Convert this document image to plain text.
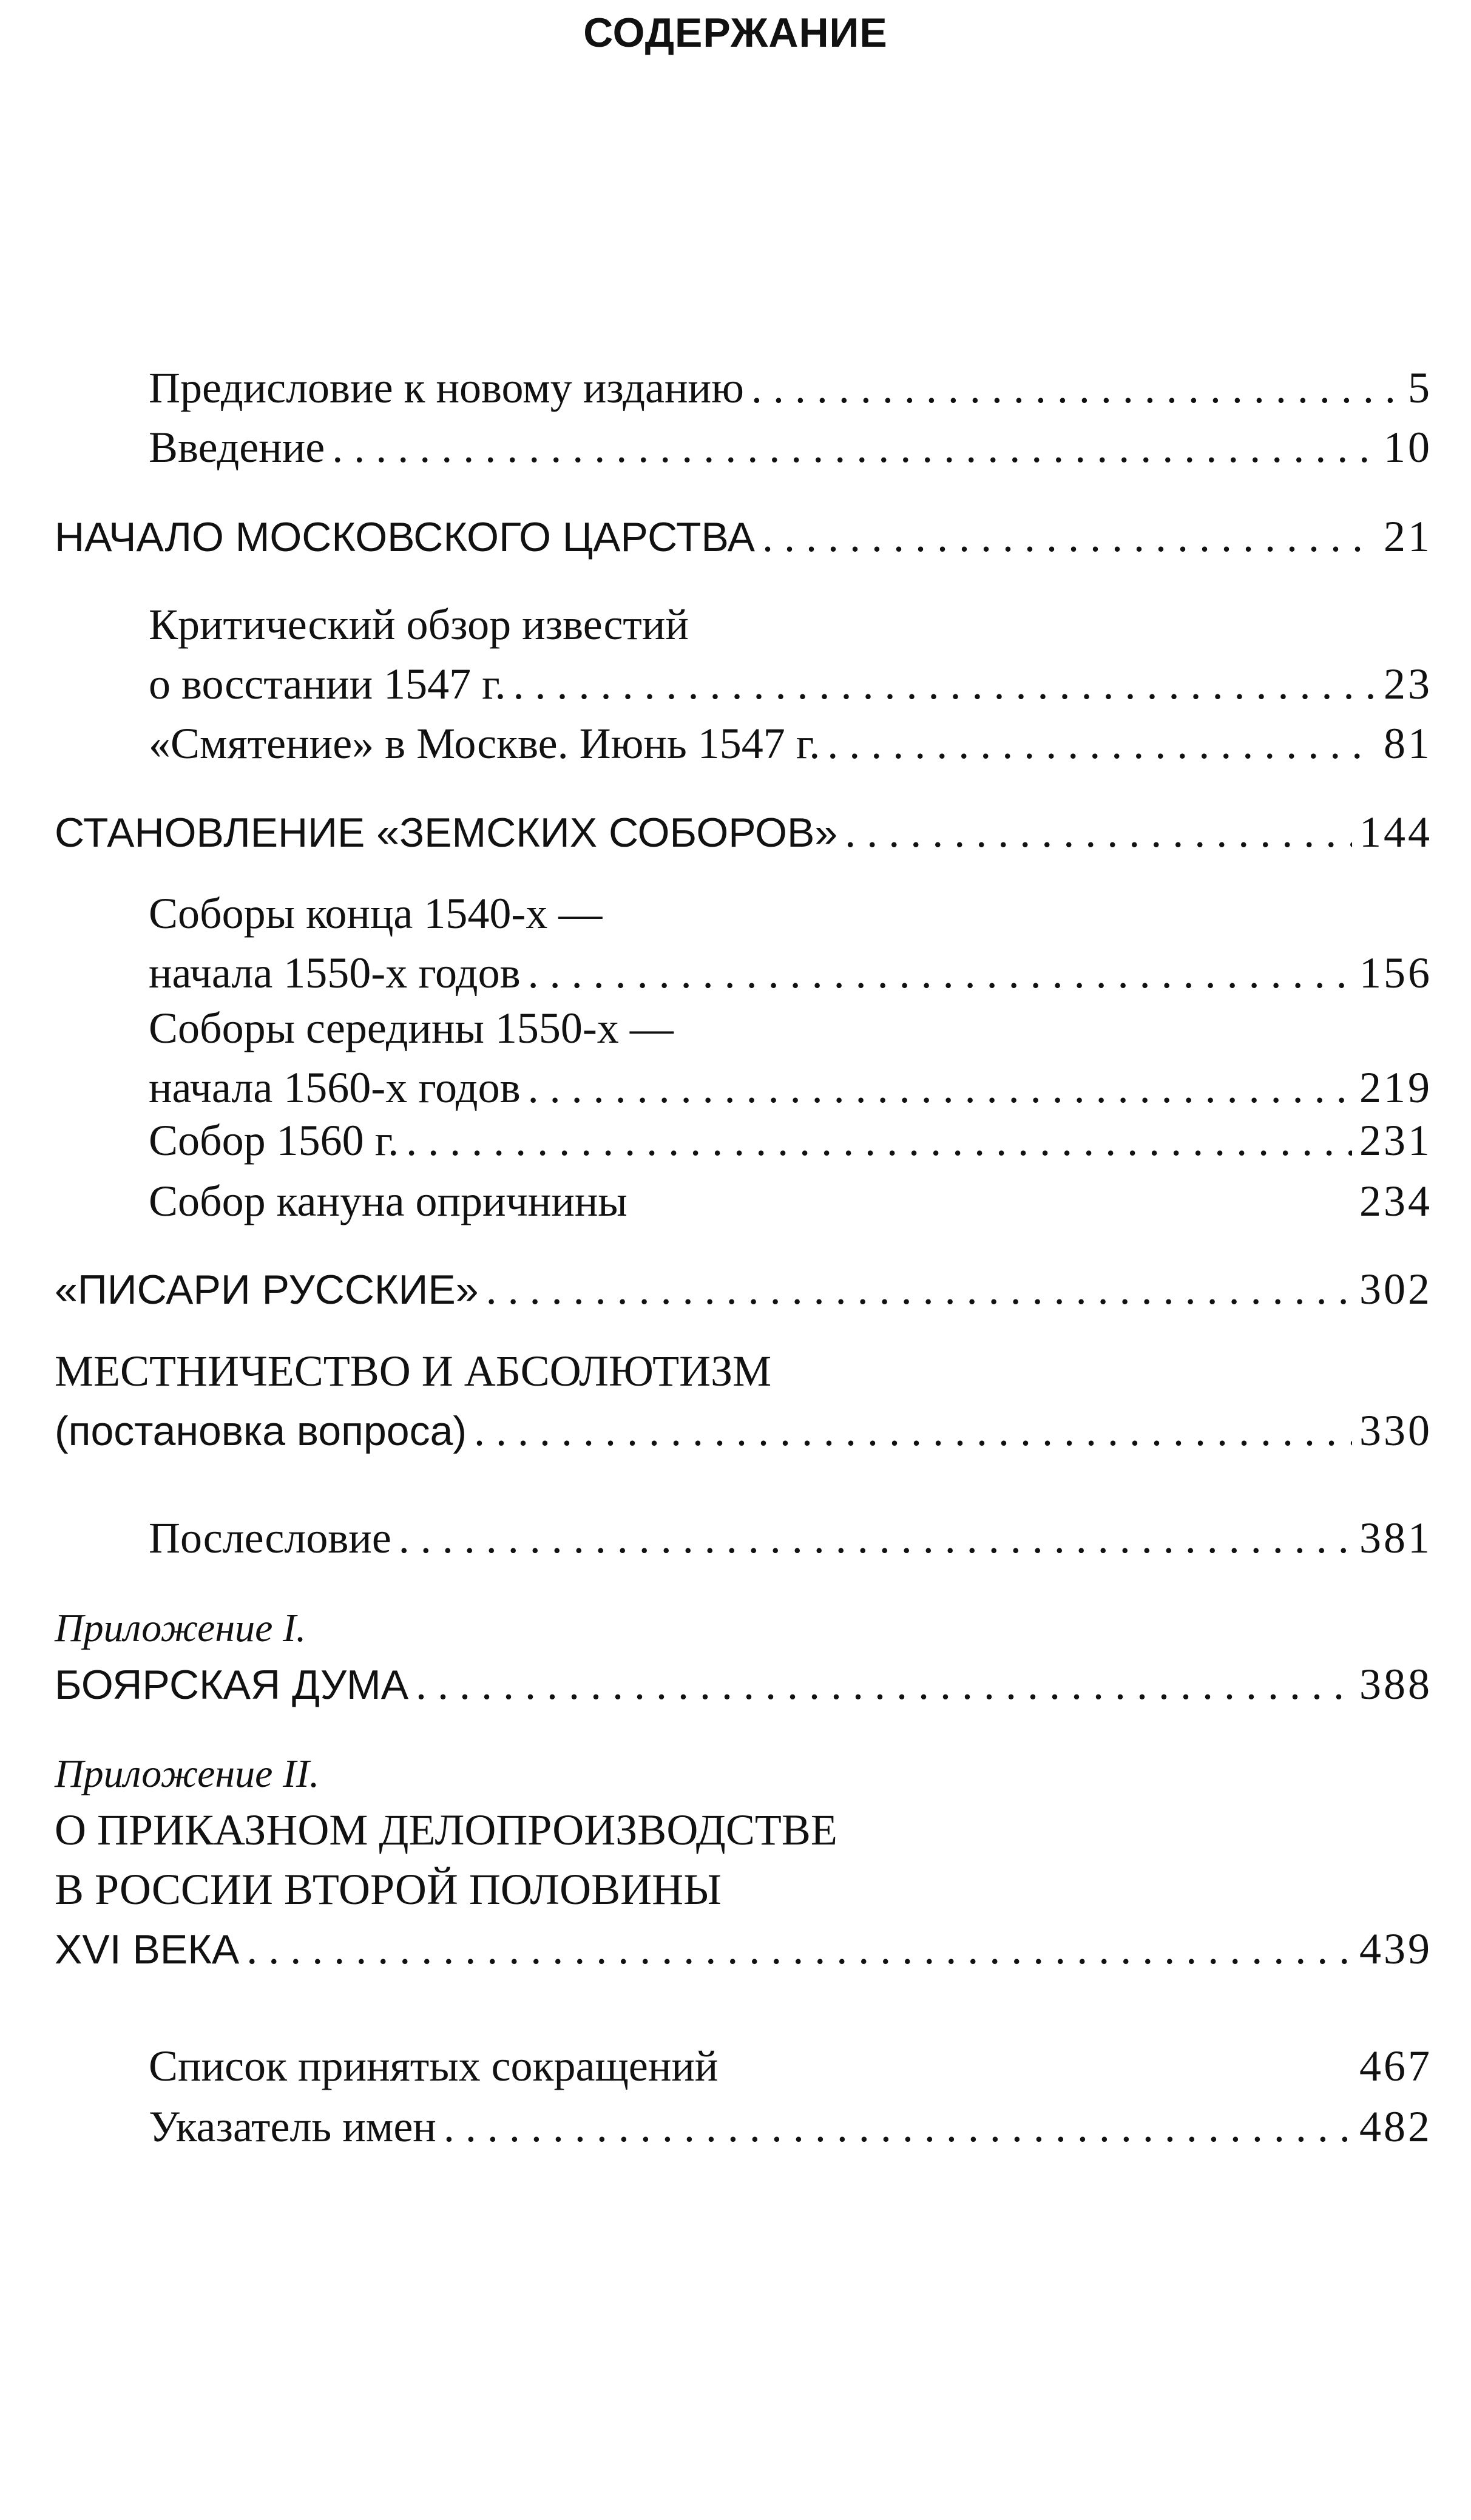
СОДЕРЖАНИЕ
Предисловие к новому изданию . . .	5
Введение . . .	10
НАЧАЛО МОСКОВСКОГО ЦАРСТВА . . .	21
Критический обзор известий
о восстании 1547 г. . . .	23
«Смятение» в Москве. Июнь 1547 г. . . .	81
СТАНОВЛЕНИЕ «ЗЕМСКИХ СОБОРОВ» . . .	144
Соборы конца 1540-х —
начала 1550-х годов . . .	156
Соборы середины 1550-х —
начала 1560-х годов . . .	219
Собор 1560 г. . . .	231
Собор кануна опричнины	234
«ПИСАРИ РУССКИЕ» . . .	302
МЕСТНИЧЕСТВО И АБСОЛЮТИЗМ
(постановка вопроса) . . .	330
Послесловие . . .	381
Приложение I.
БОЯРСКАЯ ДУМА . . .	388
Приложение II.
О ПРИКАЗНОМ ДЕЛОПРОИЗВОДСТВЕ
В РОССИИ ВТОРОЙ ПОЛОВИНЫ
XVI ВЕКА . . .	439
Список принятых сокращений	467
Указатель имен . . .	482
